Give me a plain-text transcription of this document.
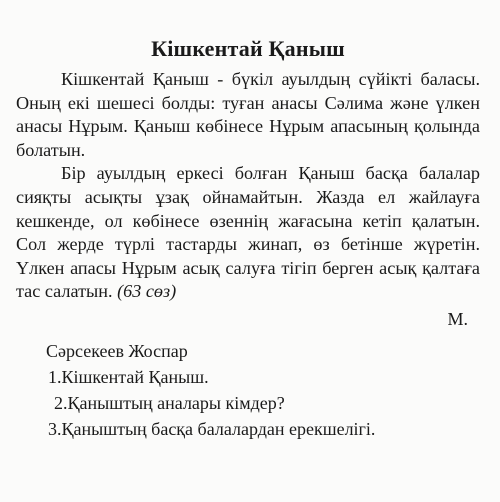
Кішкентай Қаныш

Кішкентай Қаныш - бүкіл ауылдың сүйікті баласы. Оның екі шешесі болды: туған анасы Сәлима және үлкен анасы Нұрым. Қаныш көбінесе Нұрым апасының қолында болатын.

Бір ауылдың еркесі болған Қаныш басқа балалар сияқты асықты ұзақ ойнамайтын. Жазда ел жайлауға кешкенде, ол көбінесе өзеннің жағасына кетіп қалатын. Сол жерде түрлі тастарды жинап, өз бетінше жүретін. Үлкен апасы Нұрым асық салуға тігіп берген асық қалтаға тас салатын. (63 сөз)

М.
Сәрсекеев Жоспар
1.Кішкентай Қаныш.
2.Қаныштың аналары кімдер?
3.Қаныштың басқа балалардан ерекшелігі.
